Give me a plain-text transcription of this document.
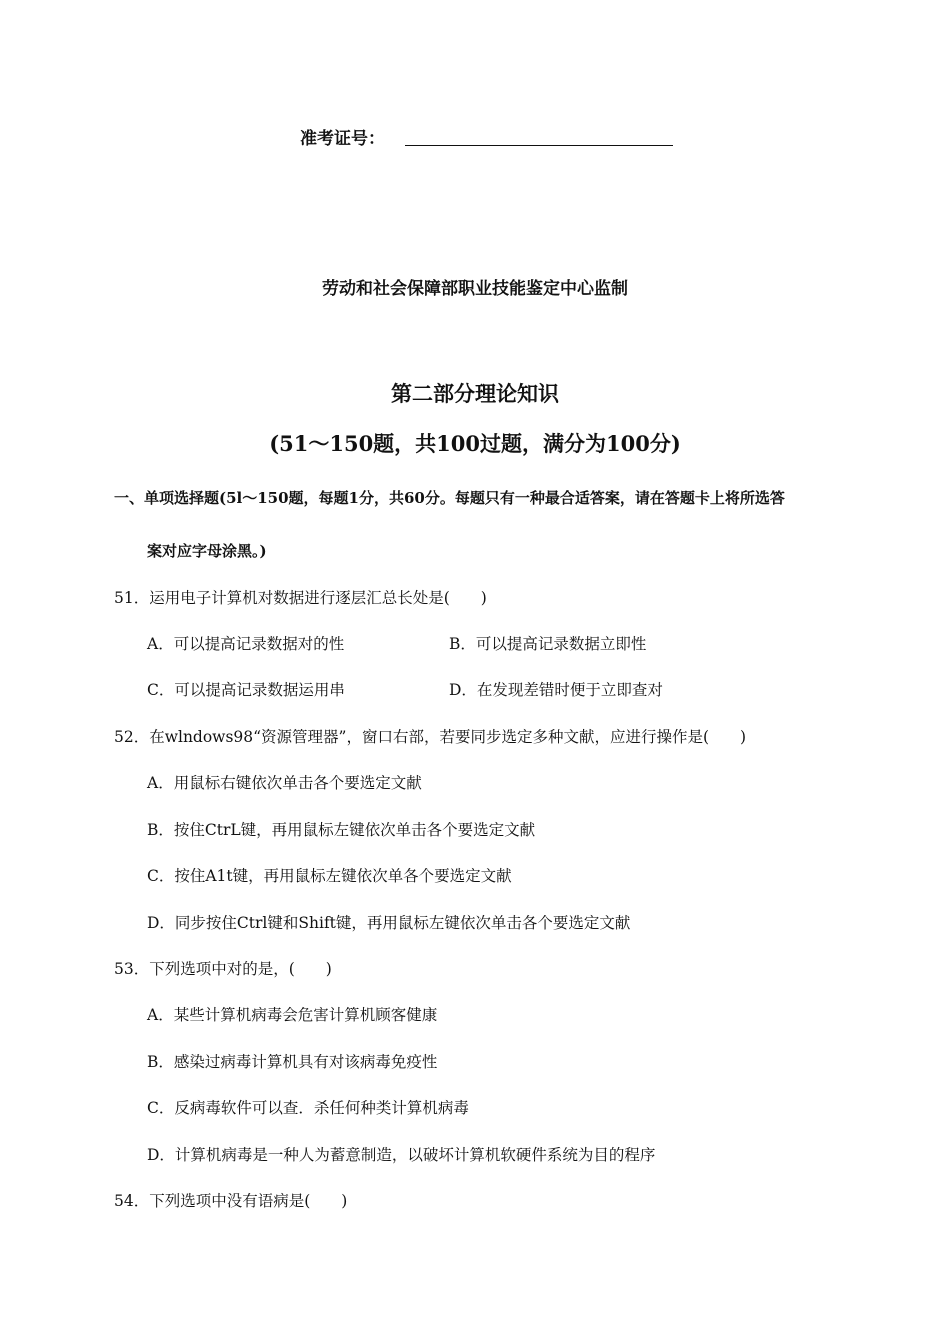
准考证号：
劳动和社会保障部职业技能鉴定中心监制
第二部分理论知识
(51～150题，共100过题，满分为100分)
一、单项选择题(5l〜150题，每题1分，共60分。每题只有一种最合适答案，请在答题卡上将所选答
案对应字母涂黑。)
51．运用电子计算机对数据进行逐层汇总长处是(　　)
A．可以提高记录数据对的性	B．可以提高记录数据立即性
C．可以提高记录数据运用串	D．在发现差错时便于立即查对
52．在wlndows98“资源管理器”，窗口右部，若要同步选定多种文献，应进行操作是(　　)
A．用鼠标右键依次单击各个要选定文献
B．按住CtrL键，再用鼠标左键依次单击各个要选定文献
C．按住A1t键，再用鼠标左键依次单各个要选定文献
D．同步按住Ctrl键和Shift键，再用鼠标左键依次单击各个要选定文献
53．下列选项中对的是，(　　)
A．某些计算机病毒会危害计算机顾客健康
B．感染过病毒计算机具有对该病毒免疫性
C．反病毒软件可以查．杀任何种类计算机病毒
D．计算机病毒是一种人为蓄意制造，以破坏计算机软硬件系统为目的程序
54．下列选项中没有语病是(　　)
